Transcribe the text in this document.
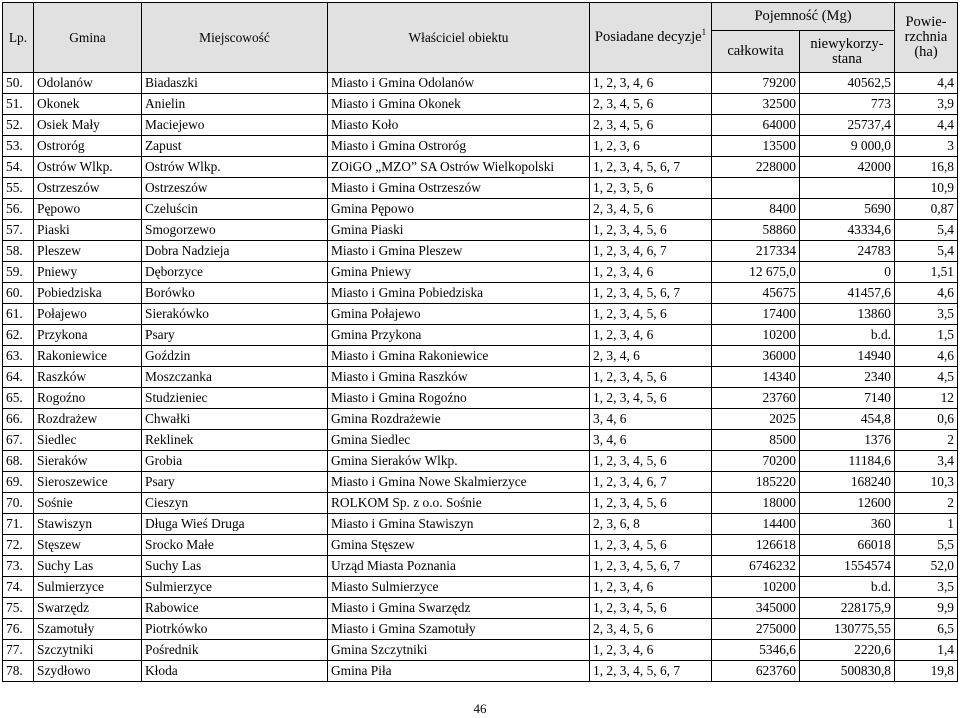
Lp.	Gmina	Miejscowość	Właściciel obiektu	Posiadane decyzje$^1$	Pojemność (Mg)		Powie- rzchnia (ha)
					całkowita	niewykorzy- stana	
50.	Odolanów	Biadaszki	Miasto i Gmina Odolanów	1, 2, 3, 4, 6	79200	40562,5	4,4
51.	Okonek	Anielin	Miasto i Gmina Okonek	2, 3, 4, 5, 6	32500	773	3,9
52.	Osiek Mały	Maciejewo	Miasto Koło	2, 3, 4, 5, 6	64000	25737,4	4,4
53.	Ostroróg	Zapust	Miasto i Gmina Ostroróg	1, 2, 3, 6	13500	9 000,0	3
54.	Ostrów Wlkp.	Ostrów Wlkp.	ZOiGO „MZO” SA Ostrów Wielkopolski	1, 2, 3, 4, 5, 6, 7	228000	42000	16,8
55.	Ostrzeszów	Ostrzeszów	Miasto i Gmina Ostrzeszów	1, 2, 3, 5, 6			10,9
56.	Pępowo	Czeluścin	Gmina Pępowo	2, 3, 4, 5, 6	8400	5690	0,87
57.	Piaski	Smogorzewo	Gmina Piaski	1, 2, 3, 4, 5, 6	58860	43334,6	5,4
58.	Pleszew	Dobra Nadzieja	Miasto i Gmina Pleszew	1, 2, 3, 4, 6, 7	217334	24783	5,4
59.	Pniewy	Dęborzyce	Gmina Pniewy	1, 2, 3, 4, 6	12 675,0	0	1,51
60.	Pobiedziska	Borówko	Miasto i Gmina Pobiedziska	1, 2, 3, 4, 5, 6, 7	45675	41457,6	4,6
61.	Połajewo	Sierakówko	Gmina Połajewo	1, 2, 3, 4, 5, 6	17400	13860	3,5
62.	Przykona	Psary	Gmina Przykona	1, 2, 3, 4, 6	10200	b.d.	1,5
63.	Rakoniewice	Goździn	Miasto i Gmina Rakoniewice	2, 3, 4, 6	36000	14940	4,6
64.	Raszków	Moszczanka	Miasto i Gmina Raszków	1, 2, 3, 4, 5, 6	14340	2340	4,5
65.	Rogoźno	Studzieniec	Miasto i Gmina Rogoźno	1, 2, 3, 4, 5, 6	23760	7140	12
66.	Rozdrażew	Chwałki	Gmina Rozdrażewie	3, 4, 6	2025	454,8	0,6
67.	Siedlec	Reklinek	Gmina Siedlec	3, 4, 6	8500	1376	2
68.	Sieraków	Grobia	Gmina Sieraków Wlkp.	1, 2, 3, 4, 5, 6	70200	11184,6	3,4
69.	Sieroszewice	Psary	Miasto i Gmina Nowe Skalmierzyce	1, 2, 3, 4, 6, 7	185220	168240	10,3
70.	Sośnie	Cieszyn	ROLKOM Sp. z o.o. Sośnie	1, 2, 3, 4, 5, 6	18000	12600	2
71.	Stawiszyn	Długa Wieś Druga	Miasto i Gmina Stawiszyn	2, 3, 6, 8	14400	360	1
72.	Stęszew	Srocko Małe	Gmina Stęszew	1, 2, 3, 4, 5, 6	126618	66018	5,5
73.	Suchy Las	Suchy Las	Urząd Miasta Poznania	1, 2, 3, 4, 5, 6, 7	6746232	1554574	52,0
74.	Sulmierzyce	Sulmierzyce	Miasto Sulmierzyce	1, 2, 3, 4, 6	10200	b.d.	3,5
75.	Swarzędz	Rabowice	Miasto i Gmina Swarzędz	1, 2, 3, 4, 5, 6	345000	228175,9	9,9
76.	Szamotuły	Piotrkówko	Miasto i Gmina Szamotuły	2, 3, 4, 5, 6	275000	130775,55	6,5
77.	Szczytniki	Pośrednik	Gmina Szczytniki	1, 2, 3, 4, 6	5346,6	2220,6	1,4
78.	Szydłowo	Kłoda	Gmina Piła	1, 2, 3, 4, 5, 6, 7	623760	500830,8	19,8
46
